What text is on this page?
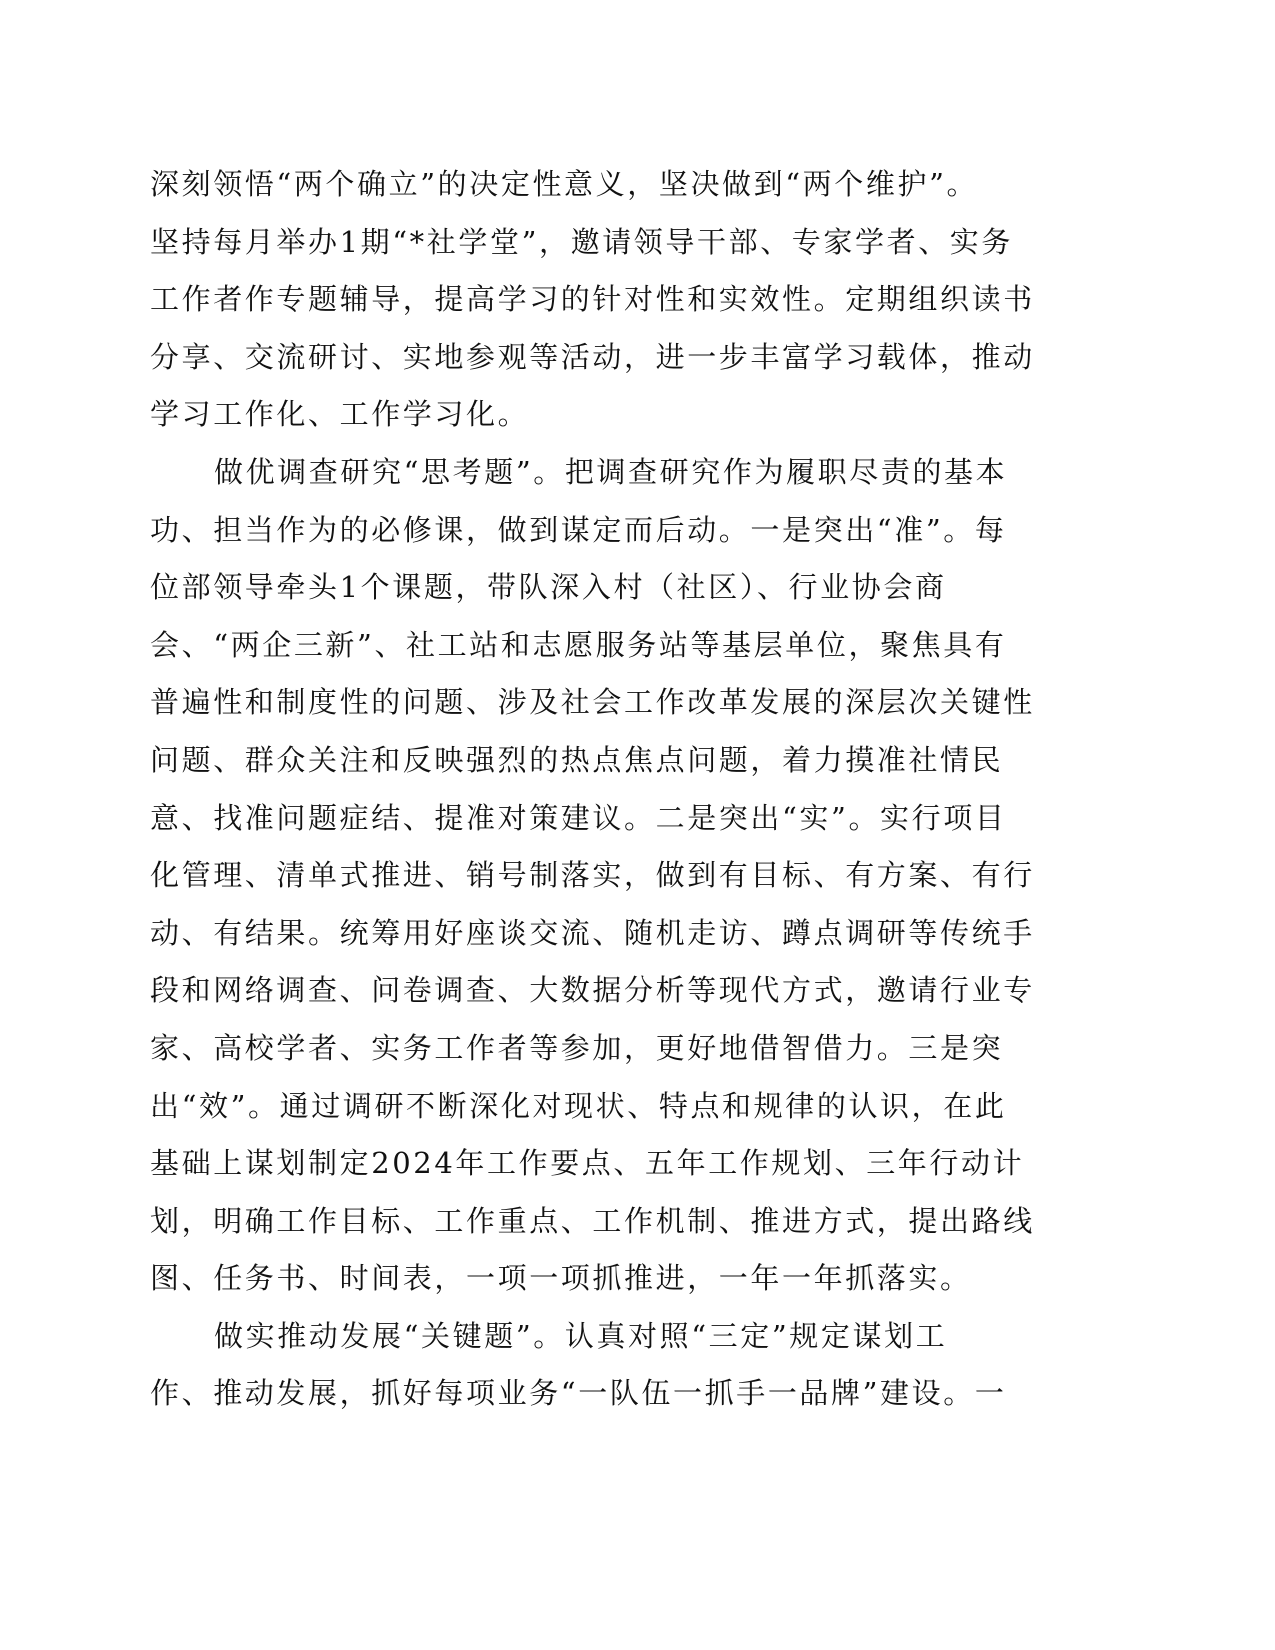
深刻领悟“两个确立”的决定性意义，坚决做到“两个维护”。
坚持每月举办1期“*社学堂”，邀请领导干部、专家学者、实务
工作者作专题辅导，提高学习的针对性和实效性。定期组织读书
分享、交流研讨、实地参观等活动，进一步丰富学习载体，推动
学习工作化、工作学习化。
做优调查研究“思考题”。把调查研究作为履职尽责的基本
功、担当作为的必修课，做到谋定而后动。一是突出“准”。每
位部领导牵头1个课题，带队深入村（社区）、行业协会商
会、“两企三新”、社工站和志愿服务站等基层单位，聚焦具有
普遍性和制度性的问题、涉及社会工作改革发展的深层次关键性
问题、群众关注和反映强烈的热点焦点问题，着力摸准社情民
意、找准问题症结、提准对策建议。二是突出“实”。实行项目
化管理、清单式推进、销号制落实，做到有目标、有方案、有行
动、有结果。统筹用好座谈交流、随机走访、蹲点调研等传统手
段和网络调查、问卷调查、大数据分析等现代方式，邀请行业专
家、高校学者、实务工作者等参加，更好地借智借力。三是突
出“效”。通过调研不断深化对现状、特点和规律的认识，在此
基础上谋划制定2024年工作要点、五年工作规划、三年行动计
划，明确工作目标、工作重点、工作机制、推进方式，提出路线
图、任务书、时间表，一项一项抓推进，一年一年抓落实。
做实推动发展“关键题”。认真对照“三定”规定谋划工
作、推动发展，抓好每项业务“一队伍一抓手一品牌”建设。一
